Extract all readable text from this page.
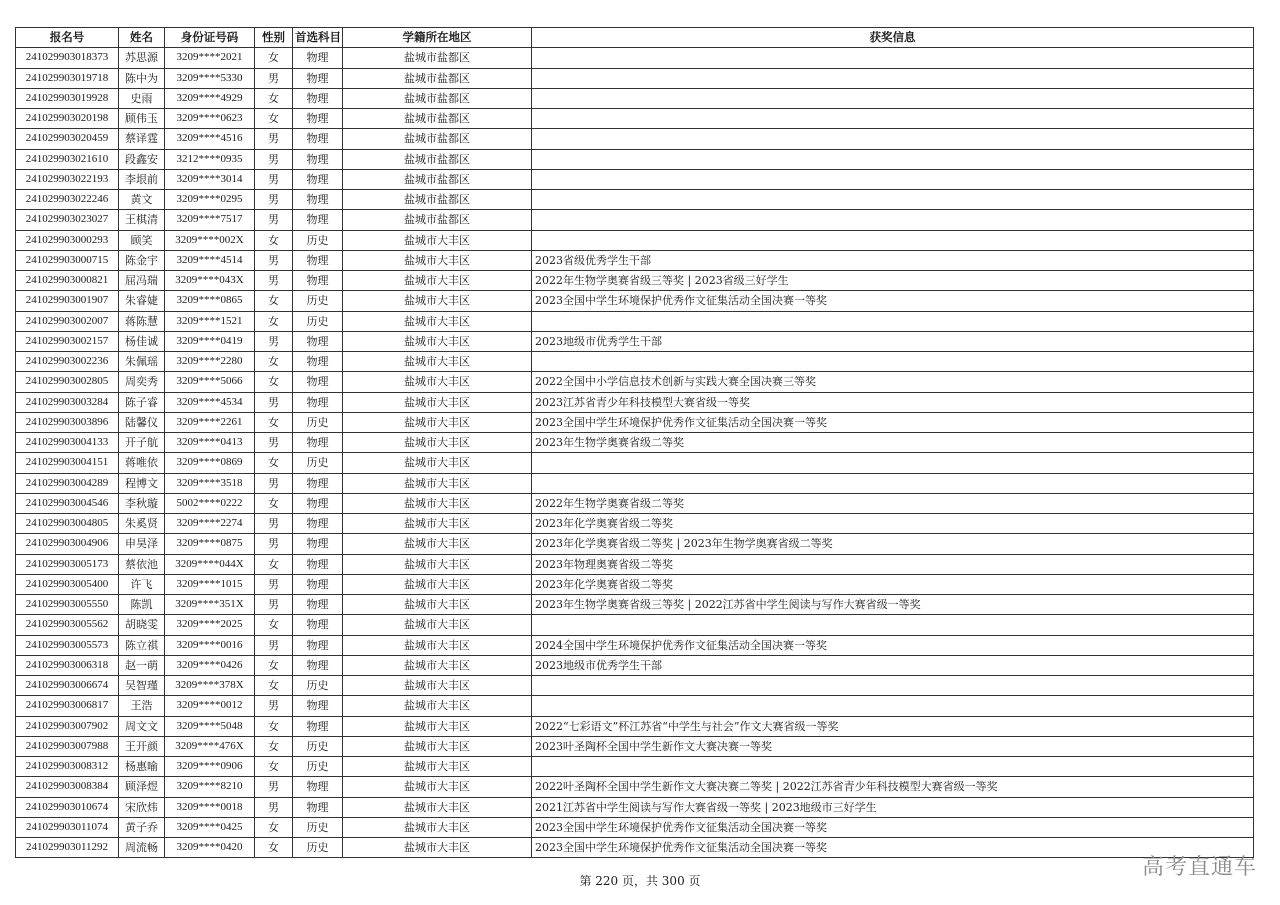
报名号	姓名	身份证号码	性别	首选科目	学籍所在地区	获奖信息
241029903018373	苏思源	3209****2021	女	物理	盐城市盐都区	
241029903019718	陈中为	3209****5330	男	物理	盐城市盐都区	
241029903019928	史雨	3209****4929	女	物理	盐城市盐都区	
241029903020198	顾伟玉	3209****0623	女	物理	盐城市盐都区	
241029903020459	蔡译霆	3209****4516	男	物理	盐城市盐都区	
241029903021610	段鑫安	3212****0935	男	物理	盐城市盐都区	
241029903022193	李垠前	3209****3014	男	物理	盐城市盐都区	
241029903022246	黄文	3209****0295	男	物理	盐城市盐都区	
241029903023027	王棋清	3209****7517	男	物理	盐城市盐都区	
241029903000293	顾笑	3209****002X	女	历史	盐城市大丰区	
241029903000715	陈金宇	3209****4514	男	物理	盐城市大丰区	2023省级优秀学生干部
241029903000821	屈冯瑞	3209****043X	男	物理	盐城市大丰区	2022年生物学奥赛省级三等奖 | 2023省级三好学生
241029903001907	朱睿婕	3209****0865	女	历史	盐城市大丰区	2023全国中学生环境保护优秀作文征集活动全国决赛一等奖
241029903002007	蒋陈慧	3209****1521	女	历史	盐城市大丰区	
241029903002157	杨佳诚	3209****0419	男	物理	盐城市大丰区	2023地级市优秀学生干部
241029903002236	朱佩瑶	3209****2280	女	物理	盐城市大丰区	
241029903002805	周奕秀	3209****5066	女	物理	盐城市大丰区	2022全国中小学信息技术创新与实践大赛全国决赛三等奖
241029903003284	陈子睿	3209****4534	男	物理	盐城市大丰区	2023江苏省青少年科技模型大赛省级一等奖
241029903003896	陆馨仪	3209****2261	女	历史	盐城市大丰区	2023全国中学生环境保护优秀作文征集活动全国决赛一等奖
241029903004133	开子航	3209****0413	男	物理	盐城市大丰区	2023年生物学奥赛省级二等奖
241029903004151	蒋唯依	3209****0869	女	历史	盐城市大丰区	
241029903004289	程博文	3209****3518	男	物理	盐城市大丰区	
241029903004546	李秋璇	5002****0222	女	物理	盐城市大丰区	2022年生物学奥赛省级二等奖
241029903004805	朱奚贤	3209****2274	男	物理	盐城市大丰区	2023年化学奥赛省级二等奖
241029903004906	申昊泽	3209****0875	男	物理	盐城市大丰区	2023年化学奥赛省级二等奖 | 2023年生物学奥赛省级二等奖
241029903005173	蔡依池	3209****044X	女	物理	盐城市大丰区	2023年物理奥赛省级二等奖
241029903005400	许飞	3209****1015	男	物理	盐城市大丰区	2023年化学奥赛省级二等奖
241029903005550	陈凯	3209****351X	男	物理	盐城市大丰区	2023年生物学奥赛省级三等奖 | 2022江苏省中学生阅读与写作大赛省级一等奖
241029903005562	胡晓雯	3209****2025	女	物理	盐城市大丰区	
241029903005573	陈立祺	3209****0016	男	物理	盐城市大丰区	2024全国中学生环境保护优秀作文征集活动全国决赛一等奖
241029903006318	赵一萌	3209****0426	女	物理	盐城市大丰区	2023地级市优秀学生干部
241029903006674	吴智瑾	3209****378X	女	历史	盐城市大丰区	
241029903006817	王浩	3209****0012	男	物理	盐城市大丰区	
241029903007902	周文文	3209****5048	女	物理	盐城市大丰区	2022“七彩语文”杯江苏省“中学生与社会”作文大赛省级一等奖
241029903007988	王开颜	3209****476X	女	历史	盐城市大丰区	2023叶圣陶杯全国中学生新作文大赛决赛一等奖
241029903008312	杨惠喻	3209****0906	女	历史	盐城市大丰区	
241029903008384	顾泽煜	3209****8210	男	物理	盐城市大丰区	2022叶圣陶杯全国中学生新作文大赛决赛二等奖 | 2022江苏省青少年科技模型大赛省级一等奖
241029903010674	宋欣炜	3209****0018	男	物理	盐城市大丰区	2021江苏省中学生阅读与写作大赛省级一等奖 | 2023地级市三好学生
241029903011074	黄子乔	3209****0425	女	历史	盐城市大丰区	2023全国中学生环境保护优秀作文征集活动全国决赛一等奖
241029903011292	周流畅	3209****0420	女	历史	盐城市大丰区	2023全国中学生环境保护优秀作文征集活动全国决赛一等奖
第 220 页，共 300 页
高考直通车
